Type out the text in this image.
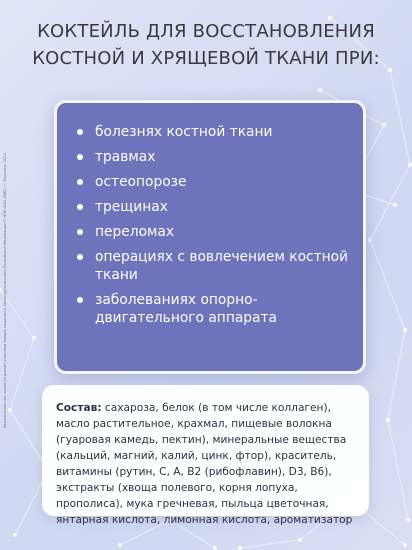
КОКТЕЙЛЬ ДЛЯ ВОССТАНОВЛЕНИЯ
КОСТНОЙ И ХРЯЩЕВОЙ ТКАНИ ПРИ:
Исключительные права на дизайн упаковки товара защищены законодательством Российской Федерации © НПК ООО «ВИС» г. Воронеж, 2024
болезнях костной ткани
травмах
остеопорозе
трещинах
переломах
операциях с вовлечением костной ткани
заболеваниях опорно-двигательного аппарата

Состав: сахароза, белок (в том числе коллаген), масло растительное, крахмал, пищевые волокна (гуаровая камедь, пектин), минеральные вещества (кальций, магний, калий, цинк, фтор), краситель, витамины (рутин, С, А, В2 (рибофлавин), D3, В6), экстракты (хвоща полевого, корня лопуха, прополиса), мука гречневая, пыльца цветочная, янтарная кислота, лимонная кислота, ароматизатор
